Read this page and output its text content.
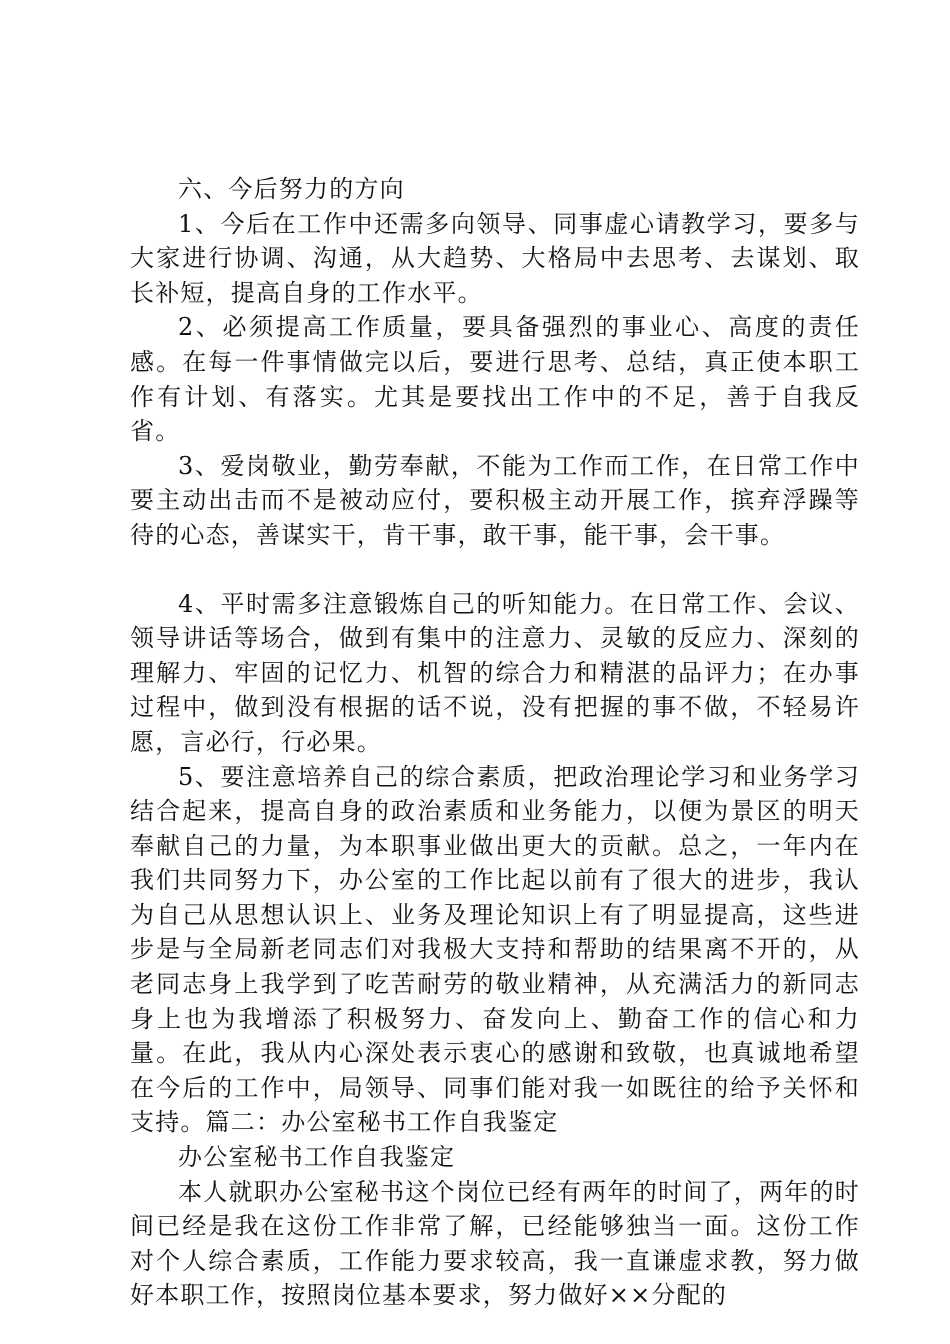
六、今后努力的方向

1、今后在工作中还需多向领导、同事虚心请教学习，要多与大家进行协调、沟通，从大趋势、大格局中去思考、去谋划、取长补短，提高自身的工作水平。

2、必须提高工作质量，要具备强烈的事业心、高度的责任感。在每一件事情做完以后，要进行思考、总结，真正使本职工作有计划、有落实。尤其是要找出工作中的不足，善于自我反省。

3、爱岗敬业，勤劳奉献，不能为工作而工作，在日常工作中要主动出击而不是被动应付，要积极主动开展工作，摈弃浮躁等待的心态，善谋实干，肯干事，敢干事，能干事，会干事。

4、平时需多注意锻炼自己的听知能力。在日常工作、会议、领导讲话等场合，做到有集中的注意力、灵敏的反应力、深刻的理解力、牢固的记忆力、机智的综合力和精湛的品评力；在办事过程中，做到没有根据的话不说，没有把握的事不做，不轻易许愿，言必行，行必果。

5、要注意培养自己的综合素质，把政治理论学习和业务学习结合起来，提高自身的政治素质和业务能力，以便为景区的明天奉献自己的力量，为本职事业做出更大的贡献。总之，一年内在我们共同努力下，办公室的工作比起以前有了很大的进步，我认为自己从思想认识上、业务及理论知识上有了明显提高，这些进步是与全局新老同志们对我极大支持和帮助的结果离不开的，从老同志身上我学到了吃苦耐劳的敬业精神，从充满活力的新同志身上也为我增添了积极努力、奋发向上、勤奋工作的信心和力量。在此，我从内心深处表示衷心的感谢和致敬，也真诚地希望在今后的工作中，局领导、同事们能对我一如既往的给予关怀和支持。篇二：办公室秘书工作自我鉴定

办公室秘书工作自我鉴定

本人就职办公室秘书这个岗位已经有两年的时间了，两年的时间已经是我在这份工作非常了解，已经能够独当一面。这份工作对个人综合素质，工作能力要求较高，我一直谦虚求教，努力做好本职工作，按照岗位基本要求，努力做好××分配的
